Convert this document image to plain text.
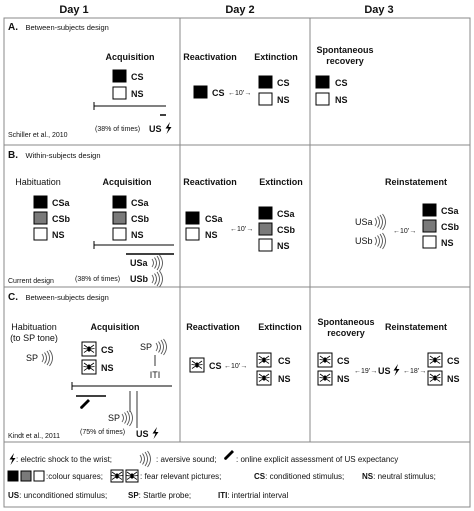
Day 1	Day 2	Day 3
A. Between-subjects design
Acquisition
CS
NS
(38% of times) US
Schiller et al., 2010
Reactivation
CS ←10’→
Extinction
CS
NS
Spontaneous
recovery
CS
NS
B. Within-subjects design
Habituation
CSa
CSb
NS
Acquisition
CSa
CSb
NS
USa
(38% of times) USb
Current design
Reactivation
CSa
NS
←10’→
Extinction
CSa
CSb
NS
Reinstatement
USa
USb
←10’→
CSa
CSb
NS
C. Between-subjects design
Habituation
(to SP tone)
SP
Acquisition
CS
NS
SP
ITI
SP
(75% of times) US
Kindt et al., 2011
Reactivation
CS ←10’→
Extinction
CS
NS
Spontaneous
recovery
CS
NS
←19’→ US ←18’→
Reinstatement
CS
NS
: electric shock to the wrist;	: aversive sound; : online explicit assessment of US expectancy
:colour squares;	: fear relevant pictures;	CS: conditioned stimulus; NS: neutral stimulus;
US: unconditioned stimulus;	SP: Startle probe;	ITI: intertrial interval
